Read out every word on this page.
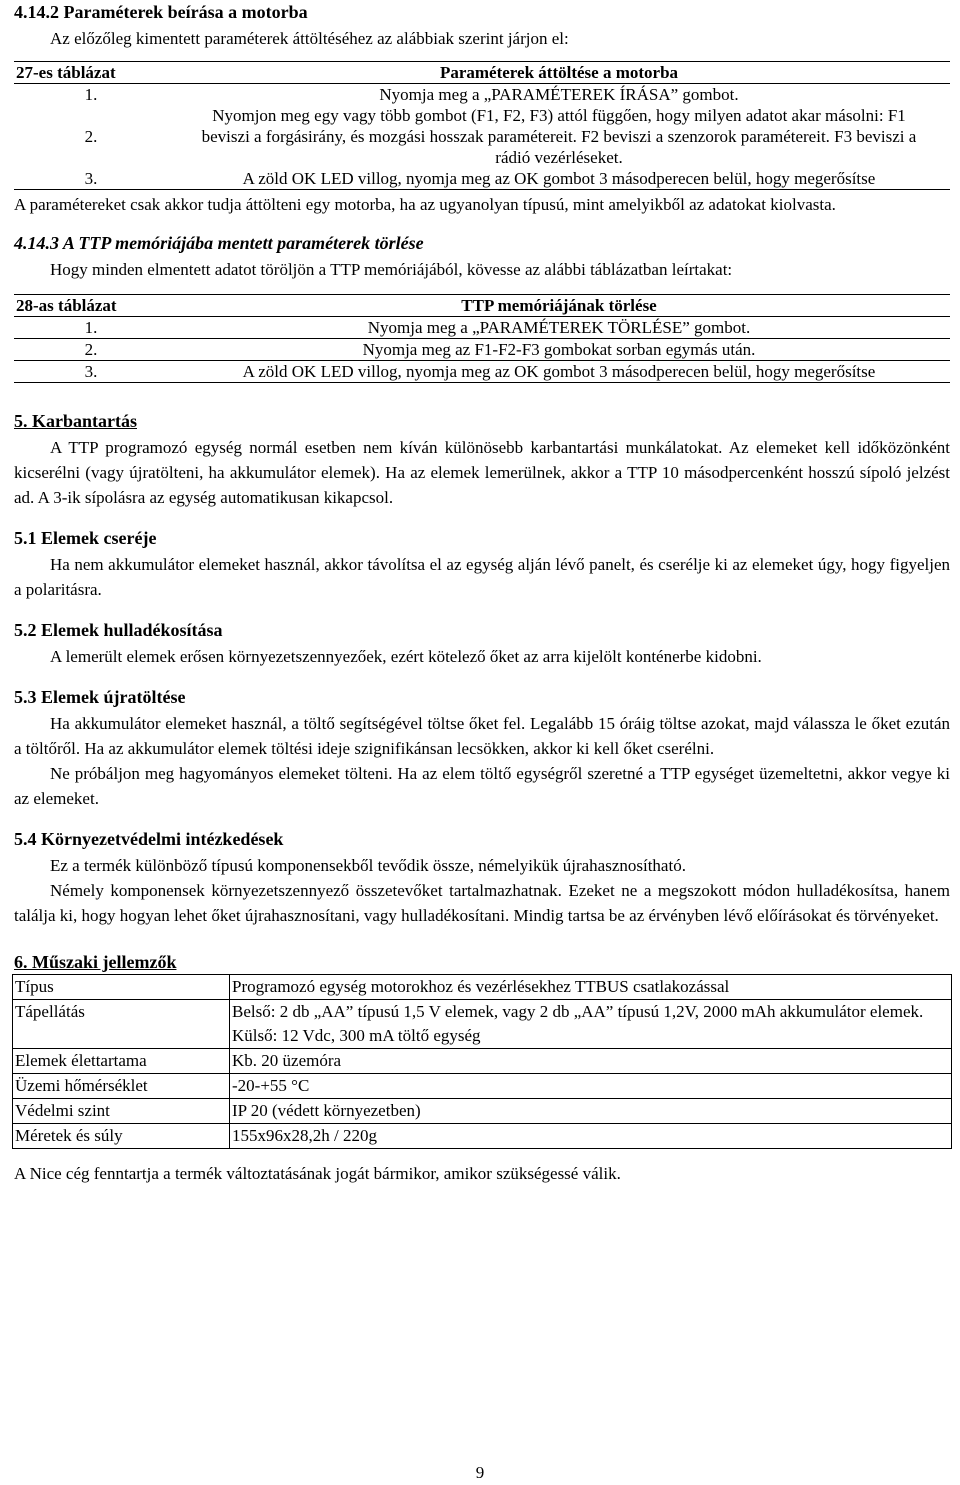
4.14.2 Paraméterek beírása a motorba

Az előzőleg kimentett paraméterek áttöltéséhez az alábbiak szerint járjon el:

27-es táblázat	Paraméterek áttöltése a motorba
1.	Nyomja meg a „PARAMÉTEREK ÍRÁSA” gombot.
2.	Nyomjon meg egy vagy több gombot (F1, F2, F3) attól függően, hogy milyen adatot akar másolni: F1 beviszi a forgásirány, és mozgási hosszak paramétereit. F2 beviszi a szenzorok paramétereit. F3 beviszi a rádió vezérléseket.
3.	A zöld OK LED villog, nyomja meg az OK gombot 3 másodperecen belül, hogy megerősítse

A paramétereket csak akkor tudja áttölteni egy motorba, ha az ugyanolyan típusú, mint amelyikből az adatokat kiolvasta.

4.14.3 A TTP memóriájába mentett paraméterek törlése

Hogy minden elmentett adatot töröljön a TTP memóriájából, kövesse az alábbi táblázatban leírtakat:

28-as táblázat	TTP memóriájának törlése
1.	Nyomja meg a „PARAMÉTEREK TÖRLÉSE” gombot.
2.	Nyomja meg az F1-F2-F3 gombokat sorban egymás után.
3.	A zöld OK LED villog, nyomja meg az OK gombot 3 másodperecen belül, hogy megerősítse
5. Karbantartás

A TTP programozó egység normál esetben nem kíván különösebb karbantartási munkálatokat. Az elemeket kell időközönként kicserélni (vagy újratölteni, ha akkumulátor elemek). Ha az elemek lemerülnek, akkor a TTP 10 másodpercenként hosszú sípoló jelzést ad. A 3-ik sípolásra az egység automatikusan kikapcsol.

5.1 Elemek cseréje

Ha nem akkumulátor elemeket használ, akkor távolítsa el az egység alján lévő panelt, és cserélje ki az elemeket úgy, hogy figyeljen a polaritásra.

5.2 Elemek hulladékosítása

A lemerült elemek erősen környezetszennyezőek, ezért kötelező őket az arra kijelölt konténerbe kidobni.

5.3 Elemek újratöltése

Ha akkumulátor elemeket használ, a töltő segítségével töltse őket fel. Legalább 15 óráig töltse azokat, majd válassza le őket ezután a töltőről. Ha az akkumulátor elemek töltési ideje szignifikánsan lecsökken, akkor ki kell őket cserélni.

Ne próbáljon meg hagyományos elemeket tölteni. Ha az elem töltő egységről szeretné a TTP egységet üzemeltetni, akkor vegye ki az elemeket.

5.4 Környezetvédelmi intézkedések

Ez a termék különböző típusú komponensekből tevődik össze, némelyikük újrahasznosítható.

Némely komponensek környezetszennyező összetevőket tartalmazhatnak. Ezeket ne a megszokott módon hulladékosítsa, hanem találja ki, hogy hogyan lehet őket újrahasznosítani, vagy hulladékosítani. Mindig tartsa be az érvényben lévő előírásokat és törvényeket.

6. Műszaki jellemzők
Típus	Programozó egység motorokhoz és vezérlésekhez TTBUS csatlakozással
Tápellátás	Belső: 2 db „AA” típusú 1,5 V elemek, vagy 2 db „AA” típusú 1,2V, 2000 mAh akkumulátor elemek.
Külső: 12 Vdc, 300 mA töltő egység

Elemek élettartama	Kb. 20 üzemóra
Üzemi hőmérséklet	-20-+55 °C
Védelmi szint	IP 20 (védett környezetben)
Méretek és súly	155x96x28,2h / 220g

A Nice cég fenntartja a termék változtatásának jogát bármikor, amikor szükségessé válik.

9
